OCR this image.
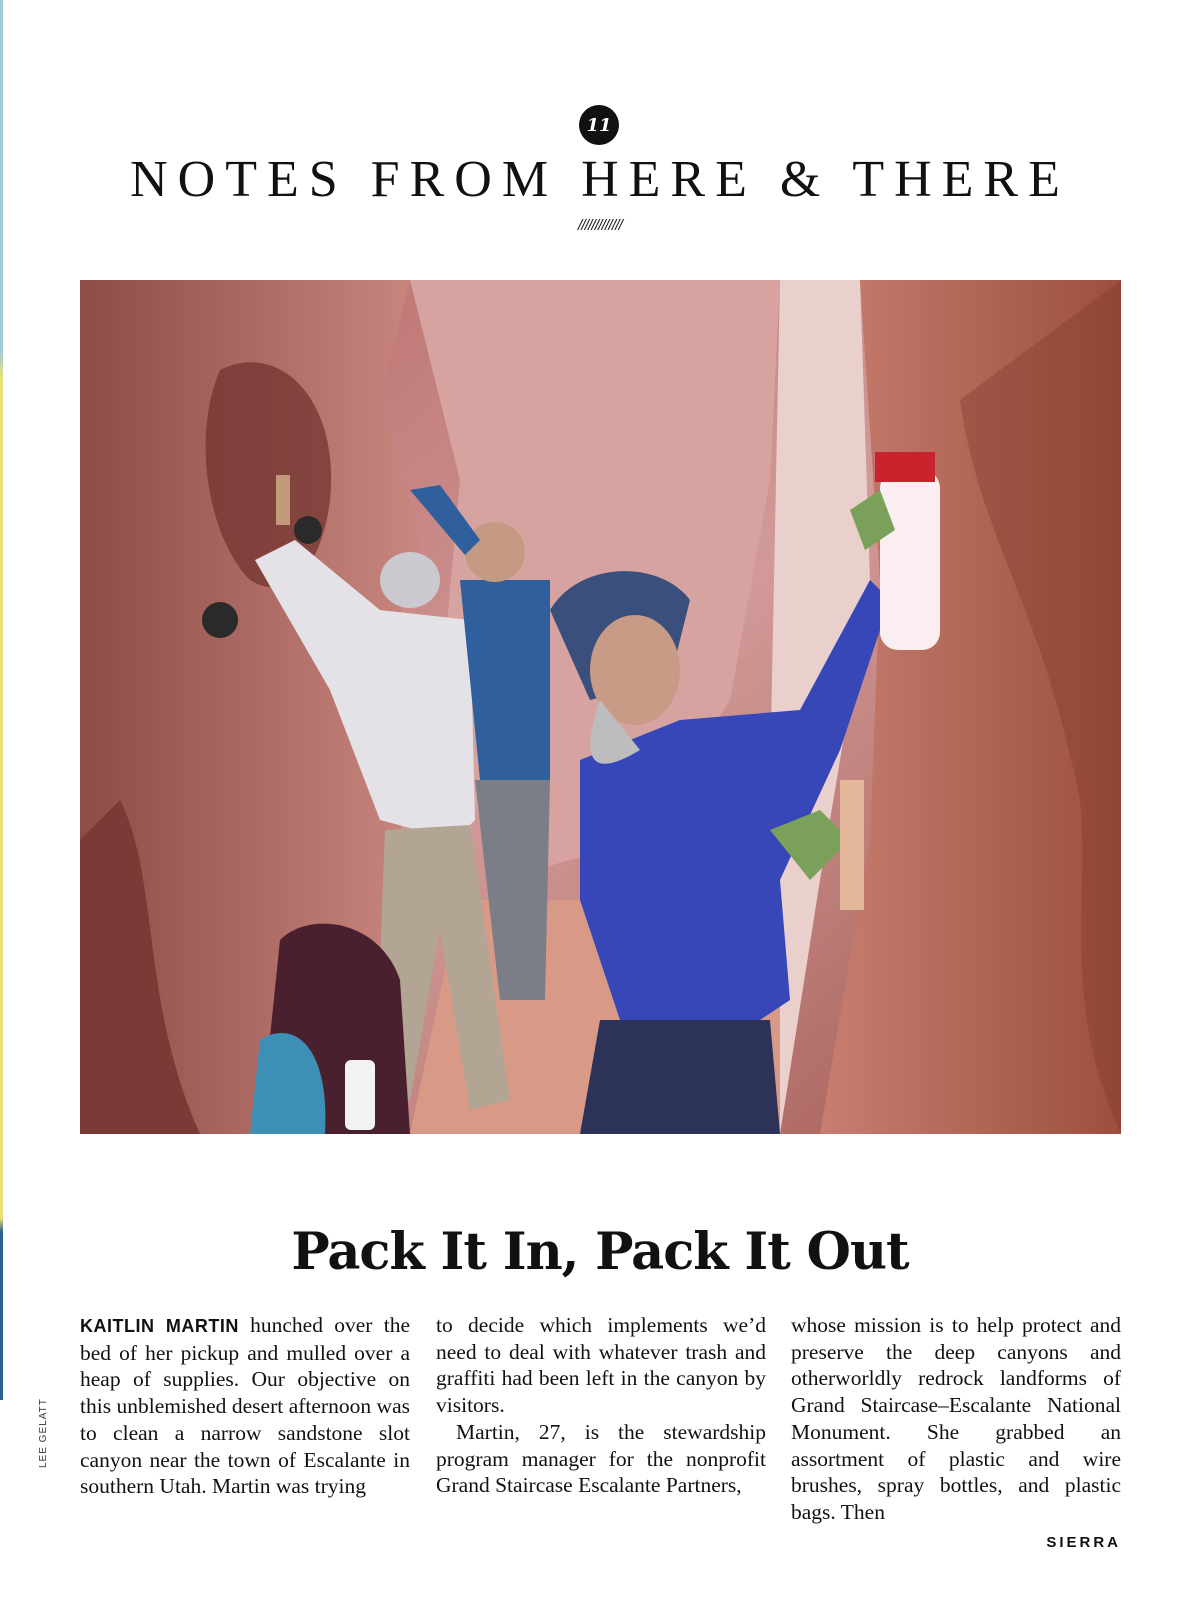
11
NOTES FROM HERE & THERE
/////////////
LEE GELATT
Pack It In, Pack It Out

KAITLIN MARTIN hunched over the bed of her pickup and mulled over a heap of supplies. Our objective on this unblemished desert afternoon was to clean a narrow sandstone slot canyon near the town of Escalante in southern Utah. Martin was trying

to decide which implements we’d need to deal with whatever trash and graffiti had been left in the canyon by visitors.

Martin, 27, is the stewardship program manager for the nonprofit Grand Staircase Escalante Partners,

whose mission is to help protect and preserve the deep canyons and otherworldly redrock landforms of Grand Staircase–Escalante National Monument. She grabbed an assortment of plastic and wire brushes, spray bottles, and plastic bags. Then

SIERRA
